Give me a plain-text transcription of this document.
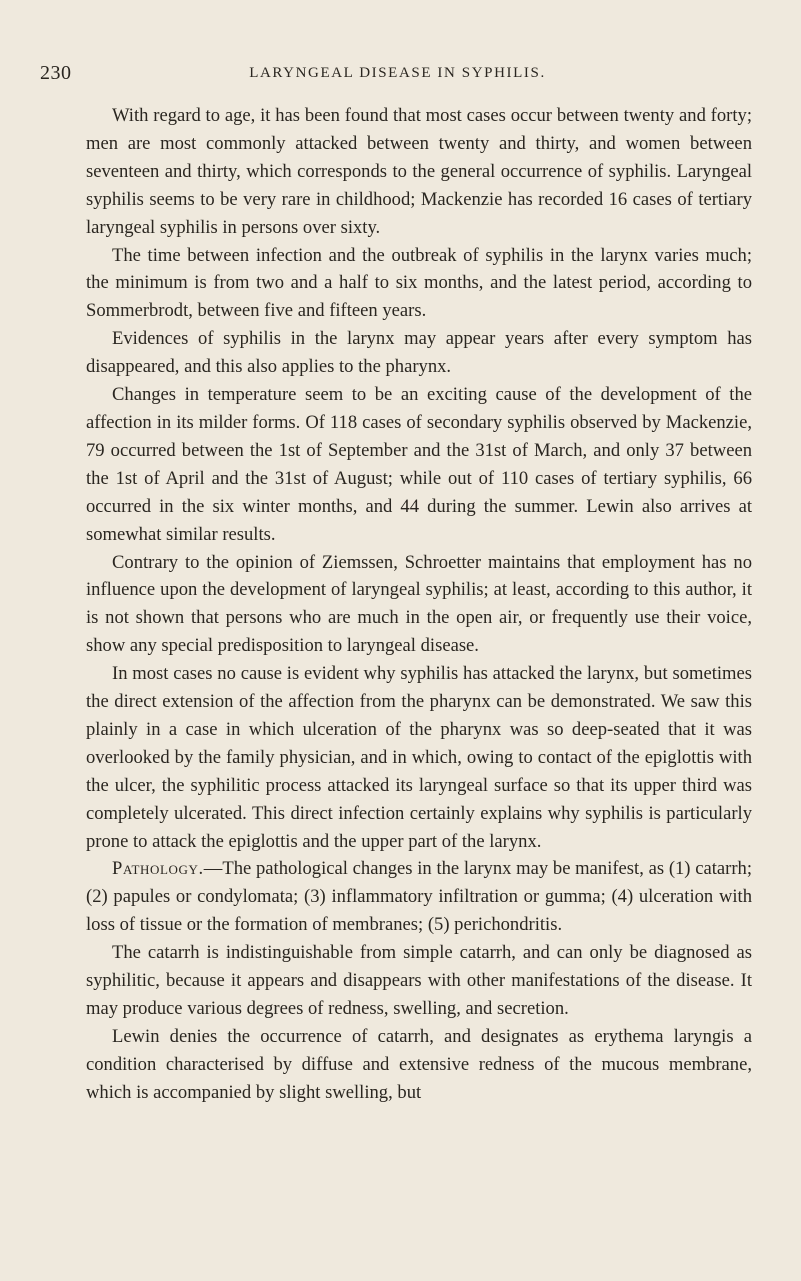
230	LARYNGEAL DISEASE IN SYPHILIS.

With regard to age, it has been found that most cases occur between twenty and forty; men are most commonly attacked between twenty and thirty, and women between seventeen and thirty, which corresponds to the general occurrence of syphilis. Laryngeal syphilis seems to be very rare in childhood; Mackenzie has recorded 16 cases of tertiary laryngeal syphilis in persons over sixty.

The time between infection and the outbreak of syphilis in the larynx varies much; the minimum is from two and a half to six months, and the latest period, according to Sommerbrodt, between five and fifteen years.

Evidences of syphilis in the larynx may appear years after every symptom has disappeared, and this also applies to the pharynx.

Changes in temperature seem to be an exciting cause of the development of the affection in its milder forms. Of 118 cases of secondary syphilis observed by Mackenzie, 79 occurred between the 1st of September and the 31st of March, and only 37 between the 1st of April and the 31st of August; while out of 110 cases of tertiary syphilis, 66 occurred in the six winter months, and 44 during the summer. Lewin also arrives at somewhat similar results.

Contrary to the opinion of Ziemssen, Schroetter maintains that employment has no influence upon the development of laryngeal syphilis; at least, according to this author, it is not shown that persons who are much in the open air, or frequently use their voice, show any special predisposition to laryngeal disease.

In most cases no cause is evident why syphilis has attacked the larynx, but sometimes the direct extension of the affection from the pharynx can be demonstrated. We saw this plainly in a case in which ulceration of the pharynx was so deep-seated that it was overlooked by the family physician, and in which, owing to contact of the epiglottis with the ulcer, the syphilitic process attacked its laryngeal surface so that its upper third was completely ulcerated. This direct infection certainly explains why syphilis is particularly prone to attack the epiglottis and the upper part of the larynx.

Pathology.—The pathological changes in the larynx may be manifest, as (1) catarrh; (2) papules or condylomata; (3) inflammatory infiltration or gumma; (4) ulceration with loss of tissue or the formation of membranes; (5) perichondritis.

The catarrh is indistinguishable from simple catarrh, and can only be diagnosed as syphilitic, because it appears and disappears with other manifestations of the disease. It may produce various degrees of redness, swelling, and secretion.

Lewin denies the occurrence of catarrh, and designates as erythema laryngis a condition characterised by diffuse and extensive redness of the mucous membrane, which is accompanied by slight swelling, but
